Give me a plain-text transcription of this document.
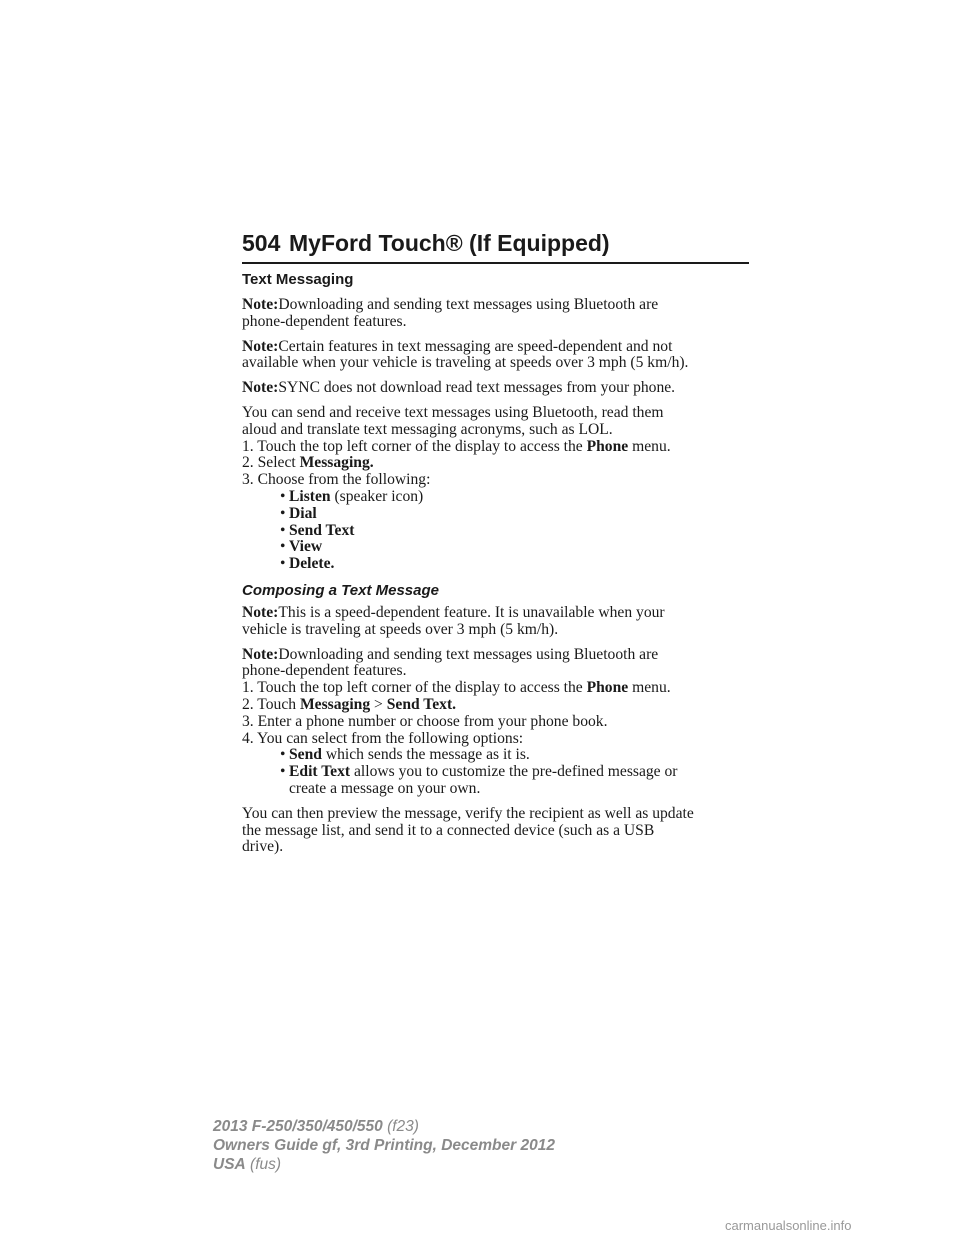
504 MyFord Touch® (If Equipped)
Text Messaging

Note:Downloading and sending text messages using Bluetooth are
phone-dependent features.

Note:Certain features in text messaging are speed-dependent and not
available when your vehicle is traveling at speeds over 3 mph (5 km/h).

Note:SYNC does not download read text messages from your phone.

You can send and receive text messages using Bluetooth, read them
aloud and translate text messaging acronyms, such as LOL.
1. Touch the top left corner of the display to access the Phone menu.
2. Select Messaging.
3. Choose from the following:
• Listen (speaker icon)
• Dial
• Send Text
• View
• Delete.
Composing a Text Message

Note:This is a speed-dependent feature. It is unavailable when your
vehicle is traveling at speeds over 3 mph (5 km/h).

Note:Downloading and sending text messages using Bluetooth are
phone-dependent features.
1. Touch the top left corner of the display to access the Phone menu.
2. Touch Messaging > Send Text.
3. Enter a phone number or choose from your phone book.
4. You can select from the following options:
• Send which sends the message as it is.
• Edit Text allows you to customize the pre-defined message or
create a message on your own.

You can then preview the message, verify the recipient as well as update
the message list, and send it to a connected device (such as a USB
drive).

2013 F-250/350/450/550 (f23)
Owners Guide gf, 3rd Printing, December 2012
USA (fus)
carmanualsonline.info
